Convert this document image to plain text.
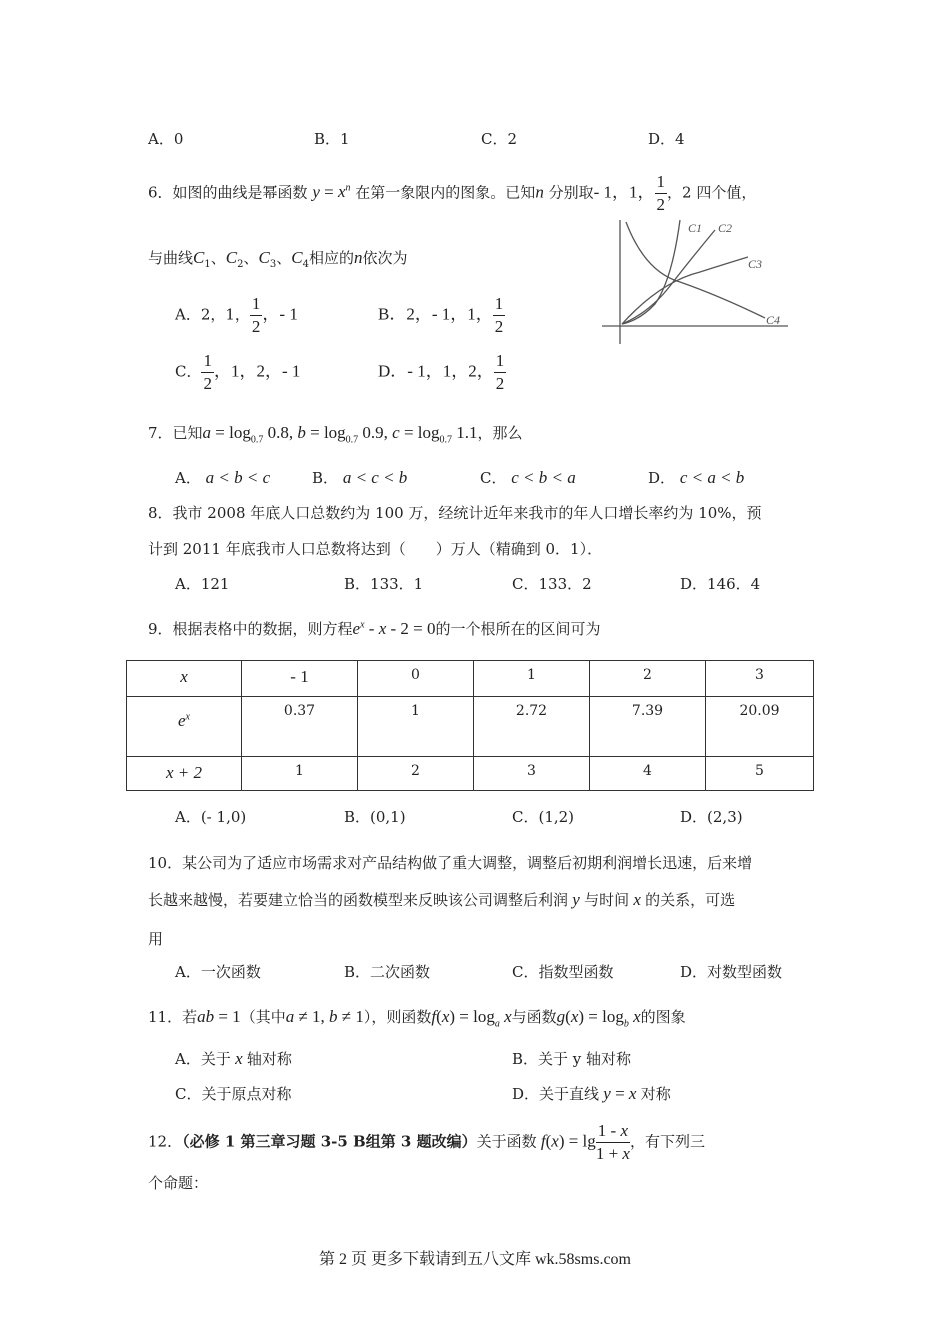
A．0	B．1	C．2	D．4
6．如图的曲线是幂函数 $y = x^n$ 在第一象限内的图象。已知n 分别取- 1，1， $\frac{1}{2}$ ，2 四个值，
与曲线$C_1$、$C_2$、$C_3$、$C_4$相应的n依次为
C1 C2
C3
C4
A．2，1， $\frac{1}{2}$ ，- 1	B．2，- 1，1， $\frac{1}{2}$
C． $\frac{1}{2}$ ，1，2，- 1	D．- 1，1，2， $\frac{1}{2}$
7．已知$a = \log_{0.7} 0.8$, $b = \log_{0.7} 0.9$, $c = \log_{0.7} 1.1$，那么
A． a < b < c	B． a < c < b	C． c < b < a	D． c < a < b
8．我市 2008 年底人口总数约为 100 万，经统计近年来我市的年人口增长率约为 10%，预
计到 2011 年底我市人口总数将达到（　　）万人（精确到 0．1）．
A．121	B．133．1	C．133．2	D．146．4
9．根据表格中的数据，则方程$e^x - x - 2 = 0$的一个根所在的区间可为
x	- 1	0	1	2	3
$e^x$	0.37	1	2.72	7.39	20.09
x + 2	1	2	3	4	5
A．(- 1,0)	B．(0,1)	C．(1,2)	D．(2,3)
10．某公司为了适应市场需求对产品结构做了重大调整，调整后初期利润增长迅速，后来增
长越来越慢，若要建立恰当的函数模型来反映该公司调整后利润 y 与时间 x 的关系，可选
用
A．一次函数	B．二次函数	C．指数型函数	D．对数型函数
11．若ab = 1（其中a ≠ 1, b ≠ 1），则函数$f(x) = \log_a x$与函数$g(x) = \log_b x$的图象
A．关于 x 轴对称	B．关于 y 轴对称
C．关于原点对称	D．关于直线 y = x 对称
12．（必修 1 第三章习题 3-5 B组第 3 题改编）关于函数 $f(x) = \lg \frac{1 - x}{1 + x}$ ，有下列三
个命题：
第 2 页 更多下载请到五八文库 wk.58sms.com
